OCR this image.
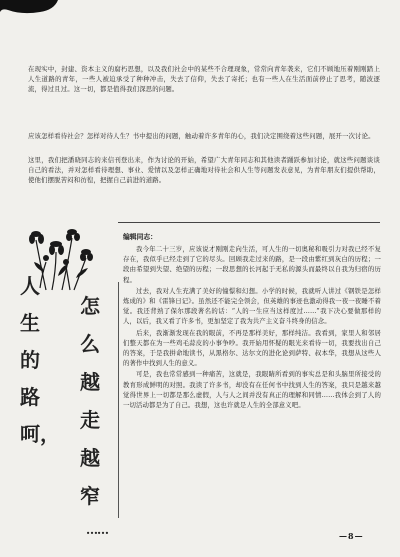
在现实中，封建、资本主义的腐朽思想，以及我们社会中的某些不合理现象，常常向青年袭来，它们不顾地压着刚刚踏上人生道路的青年，一些人被迫承受了种种冲击，失去了信仰，失去了寄托；也有一些人在生活面前停止了思考，随波逐流，得过且过。这一切，都是值得我们深思的问题。

应该怎样看待社会？怎样对待人生？书中提出的问题，触动着许多青年的心，我们决定围绕着这些问题，展开一次讨论。

这里，我们把潘晓同志的来信刊登出来，作为讨论的开始，希望广大青年同志和其他读者踊跃参加讨论，就这些问题谈谈自己的看法，并对怎样看待理想、事业、爱情以及怎样正确地对待社会和人生等问题发表意见，为青年朋友们提供帮助，使他们摆脱苦闷和彷徨，把握自己前进的道路。

人
生
的
路
呵，
怎
么
越
走
越
窄
……

编辑同志：

我今年二十三岁，应该说才刚刚走向生活，可人生的一切奥秘和吸引力对我已经不复存在，我似乎已经走到了它的尽头。回顾我走过来的路，是一段由紫红到灰白的历程；一段由希望到失望、绝望的历程；一段思想的长河起于无私的源头而最终以自我为归宿的历程。

过去，我对人生充满了美好的憧憬和幻想。小学的时候，我就听人讲过《钢铁是怎样炼成的》和《雷锋日记》。虽然还不能完全领会，但英雄的事迹也激动得我一夜一夜睡不着觉。我还背熟了保尔那段著名的话：“人的一生应当这样度过……”我下决心要做那样的人，以后，我又看了许多书，更加坚定了我为共产主义奋斗终身的信念。

后来，我渐渐发现在我的眼前，不再是那样美好，那样纯洁。我看到，家里人和邻居们整天都在为一些鸡毛蒜皮的小事争吵。我开始用怀疑的眼光来看待一切，我要找出自己的答案，于是我拼命地读书，从黑格尔、达尔文的进化论到萨特、叔本华，我想从这些人的著作中找到人生的意义。

可是，我也常常感到一种痛苦，这就是，我眼睛所看到的事实总是和头脑里所接受的教育形成鲜明的对照。我读了许多书，却没有在任何书中找到人生的答案，我只是越来越觉得世界上一切都是那么虚假，人与人之间并没有真正的理解和同情……我体会到了人的一切活动都是为了自己。我想，这也许就是人生的全部意义吧。

—8—
